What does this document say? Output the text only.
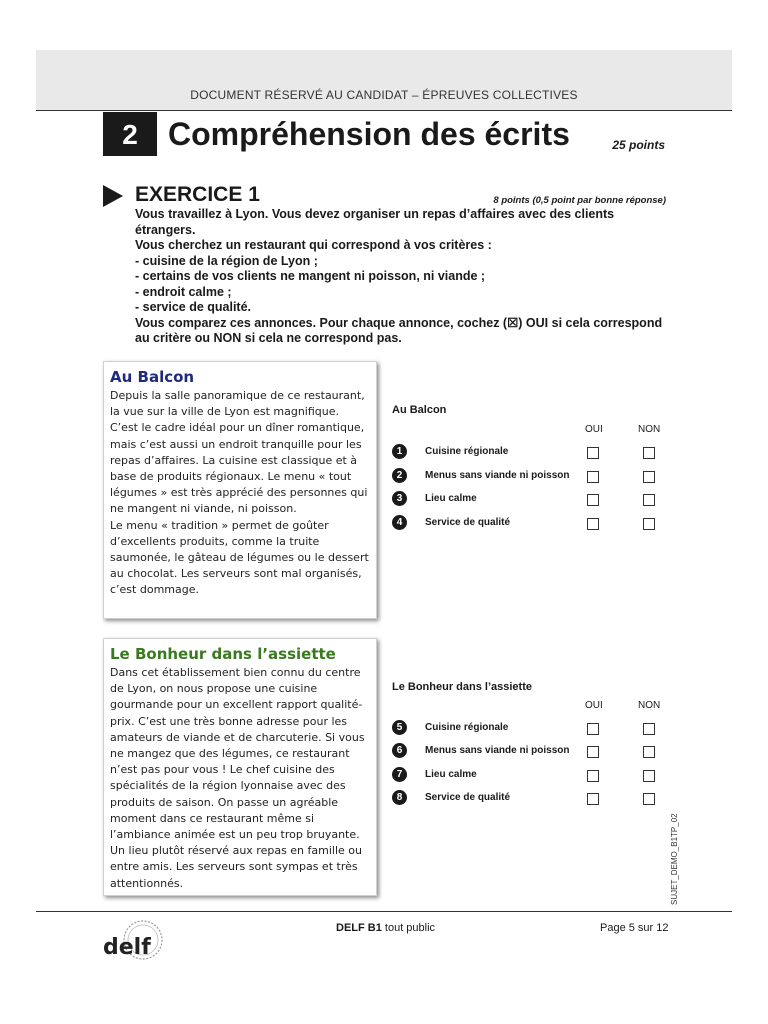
DOCUMENT RÉSERVÉ AU CANDIDAT – ÉPREUVES COLLECTIVES
2 Compréhension des écrits	25 points
EXERCICE 1	8 points (0,5 point par bonne réponse)
Vous travaillez à Lyon. Vous devez organiser un repas d’affaires avec des clients étrangers.
Vous cherchez un restaurant qui correspond à vos critères :
- cuisine de la région de Lyon ;
- certains de vos clients ne mangent ni poisson, ni viande ;
- endroit calme ;
- service de qualité.
Vous comparez ces annonces. Pour chaque annonce, cochez (☒) OUI si cela correspond au critère ou NON si cela ne correspond pas.
Au Balcon

Depuis la salle panoramique de ce restaurant, la vue sur la ville de Lyon est magnifique. C’est le cadre idéal pour un dîner romantique, mais c’est aussi un endroit tranquille pour les repas d’affaires. La cuisine est classique et à base de produits régionaux. Le menu « tout légumes » est très apprécié des personnes qui ne mangent ni viande, ni poisson.

Le menu « tradition » permet de goûter d’excellents produits, comme la truite saumonée, le gâteau de légumes ou le dessert au chocolat. Les serveurs sont mal organisés, c’est dommage.

Le Bonheur dans l’assiette

Dans cet établissement bien connu du centre de Lyon, on nous propose une cuisine gourmande pour un excellent rapport qualité-prix. C’est une très bonne adresse pour les amateurs de viande et de charcuterie. Si vous ne mangez que des légumes, ce restaurant n’est pas pour vous ! Le chef cuisine des spécialités de la région lyonnaise avec des produits de saison. On passe un agréable moment dans ce restaurant même si l’ambiance animée est un peu trop bruyante. Un lieu plutôt réservé aux repas en famille ou entre amis. Les serveurs sont sympas et très attentionnés.

Au Balcon
OUI	NON
1	Cuisine régionale
2	Menus sans viande ni poisson
3	Lieu calme
4	Service de qualité
Le Bonheur dans l’assiette
OUI	NON
5	Cuisine régionale
6	Menus sans viande ni poisson
7	Lieu calme
8	Service de qualité
SUJET_DEMO_B1TP_02
delf
DELF B1 tout public	Page 5 sur 12
